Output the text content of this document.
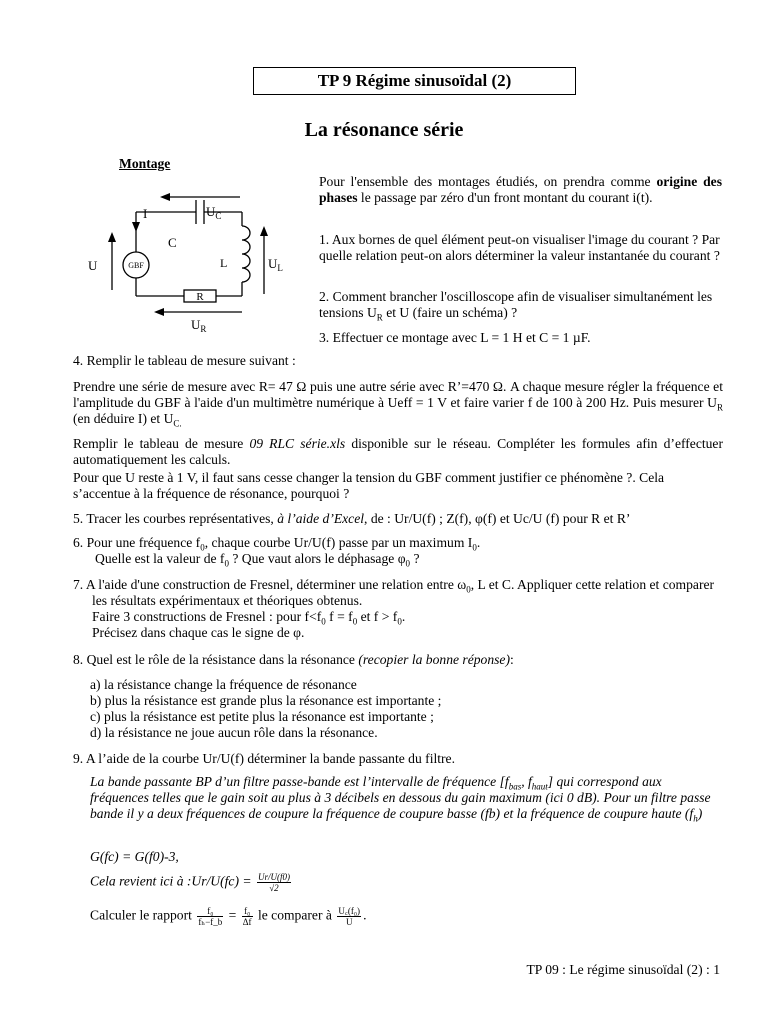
TP 9 Régime sinusoïdal (2)
La résonance série
Montage
I	$U_C$
C
U	GBF	L	$U_L$
R
$U_R$
Pour l'ensemble des montages étudiés, on prendra comme origine des phases le passage par zéro d'un front montant du courant i(t).
1. Aux bornes de quel élément peut-on visualiser l'image du courant ? Par quelle relation peut-on alors déterminer la valeur instantanée du courant ?
2. Comment brancher l'oscilloscope afin de visualiser simultanément les tensions $U_R$ et U (faire un schéma) ?
3. Effectuer ce montage avec L = 1 H et C = 1 µF.
4. Remplir le tableau de mesure suivant :
Prendre une série de mesure avec R= 47 Ω puis une autre série avec R’=470 Ω. A chaque mesure régler la fréquence et l'amplitude du GBF à l'aide d'un multimètre numérique à Ueff = 1 V et faire varier f de 100 à 200 Hz. Puis mesurer $U_R$ (en déduire I) et $U_{C.}$
Remplir le tableau de mesure 09 RLC série.xls disponible sur le réseau. Compléter les formules afin d’effectuer automatiquement les calculs.
Pour que U reste à 1 V, il faut sans cesse changer la tension du GBF comment justifier ce phénomène ?. Cela s’accentue à la fréquence de résonance, pourquoi ?
5. Tracer les courbes représentatives, à l’aide d’Excel, de : Ur/U(f) ; Z(f), φ(f) et Uc/U (f) pour R et R’
6. Pour une fréquence $f_0$, chaque courbe Ur/U(f) passe par un maximum $I_0$.
Quelle est la valeur de $f_0$ ? Que vaut alors le déphasage $\varphi_0$ ?
7. A l'aide d'une construction de Fresnel, déterminer une relation entre $\omega_0$, L et C. Appliquer cette relation et comparer les résultats expérimentaux et théoriques obtenus.
Faire 3 constructions de Fresnel : pour $f<f_0$ $f = f_0$ et $f > f_0$.
Précisez dans chaque cas le signe de φ.
8. Quel est le rôle de la résistance dans la résonance (recopier la bonne réponse):
a) la résistance change la fréquence de résonance
b) plus la résistance est grande plus la résonance est importante ;
c) plus la résistance est petite plus la résonance est importante ;
d) la résistance ne joue aucun rôle dans la résonance.
9. A l’aide de la courbe Ur/U(f) déterminer la bande passante du filtre.
La bande passante BP d’un filtre passe-bande est l’intervalle de fréquence [$f_{bas}$, $f_{haut}$] qui correspond aux fréquences telles que le gain soit au plus à 3 décibels en dessous du gain maximum (ici 0 dB). Pour un filtre passe bande il y a deux fréquences de coupure la fréquence de coupure basse (fb) et la fréquence de coupure haute $(f_h)$
G(fc) = G(f0)-3,
Cela revient ici à :Ur/U(fc) = $\frac{Ur/U(f0)}{√2}$
Calculer le rapport $\frac{\text{f₀}}{\text{fₕ−f\_b}} = \frac{\text{f₀}}{\Delta f}$ le comparer à $\frac{\text{U꜀(f₀)}}{U}$ .
TP 09 : Le régime sinusoïdal (2) : 1
